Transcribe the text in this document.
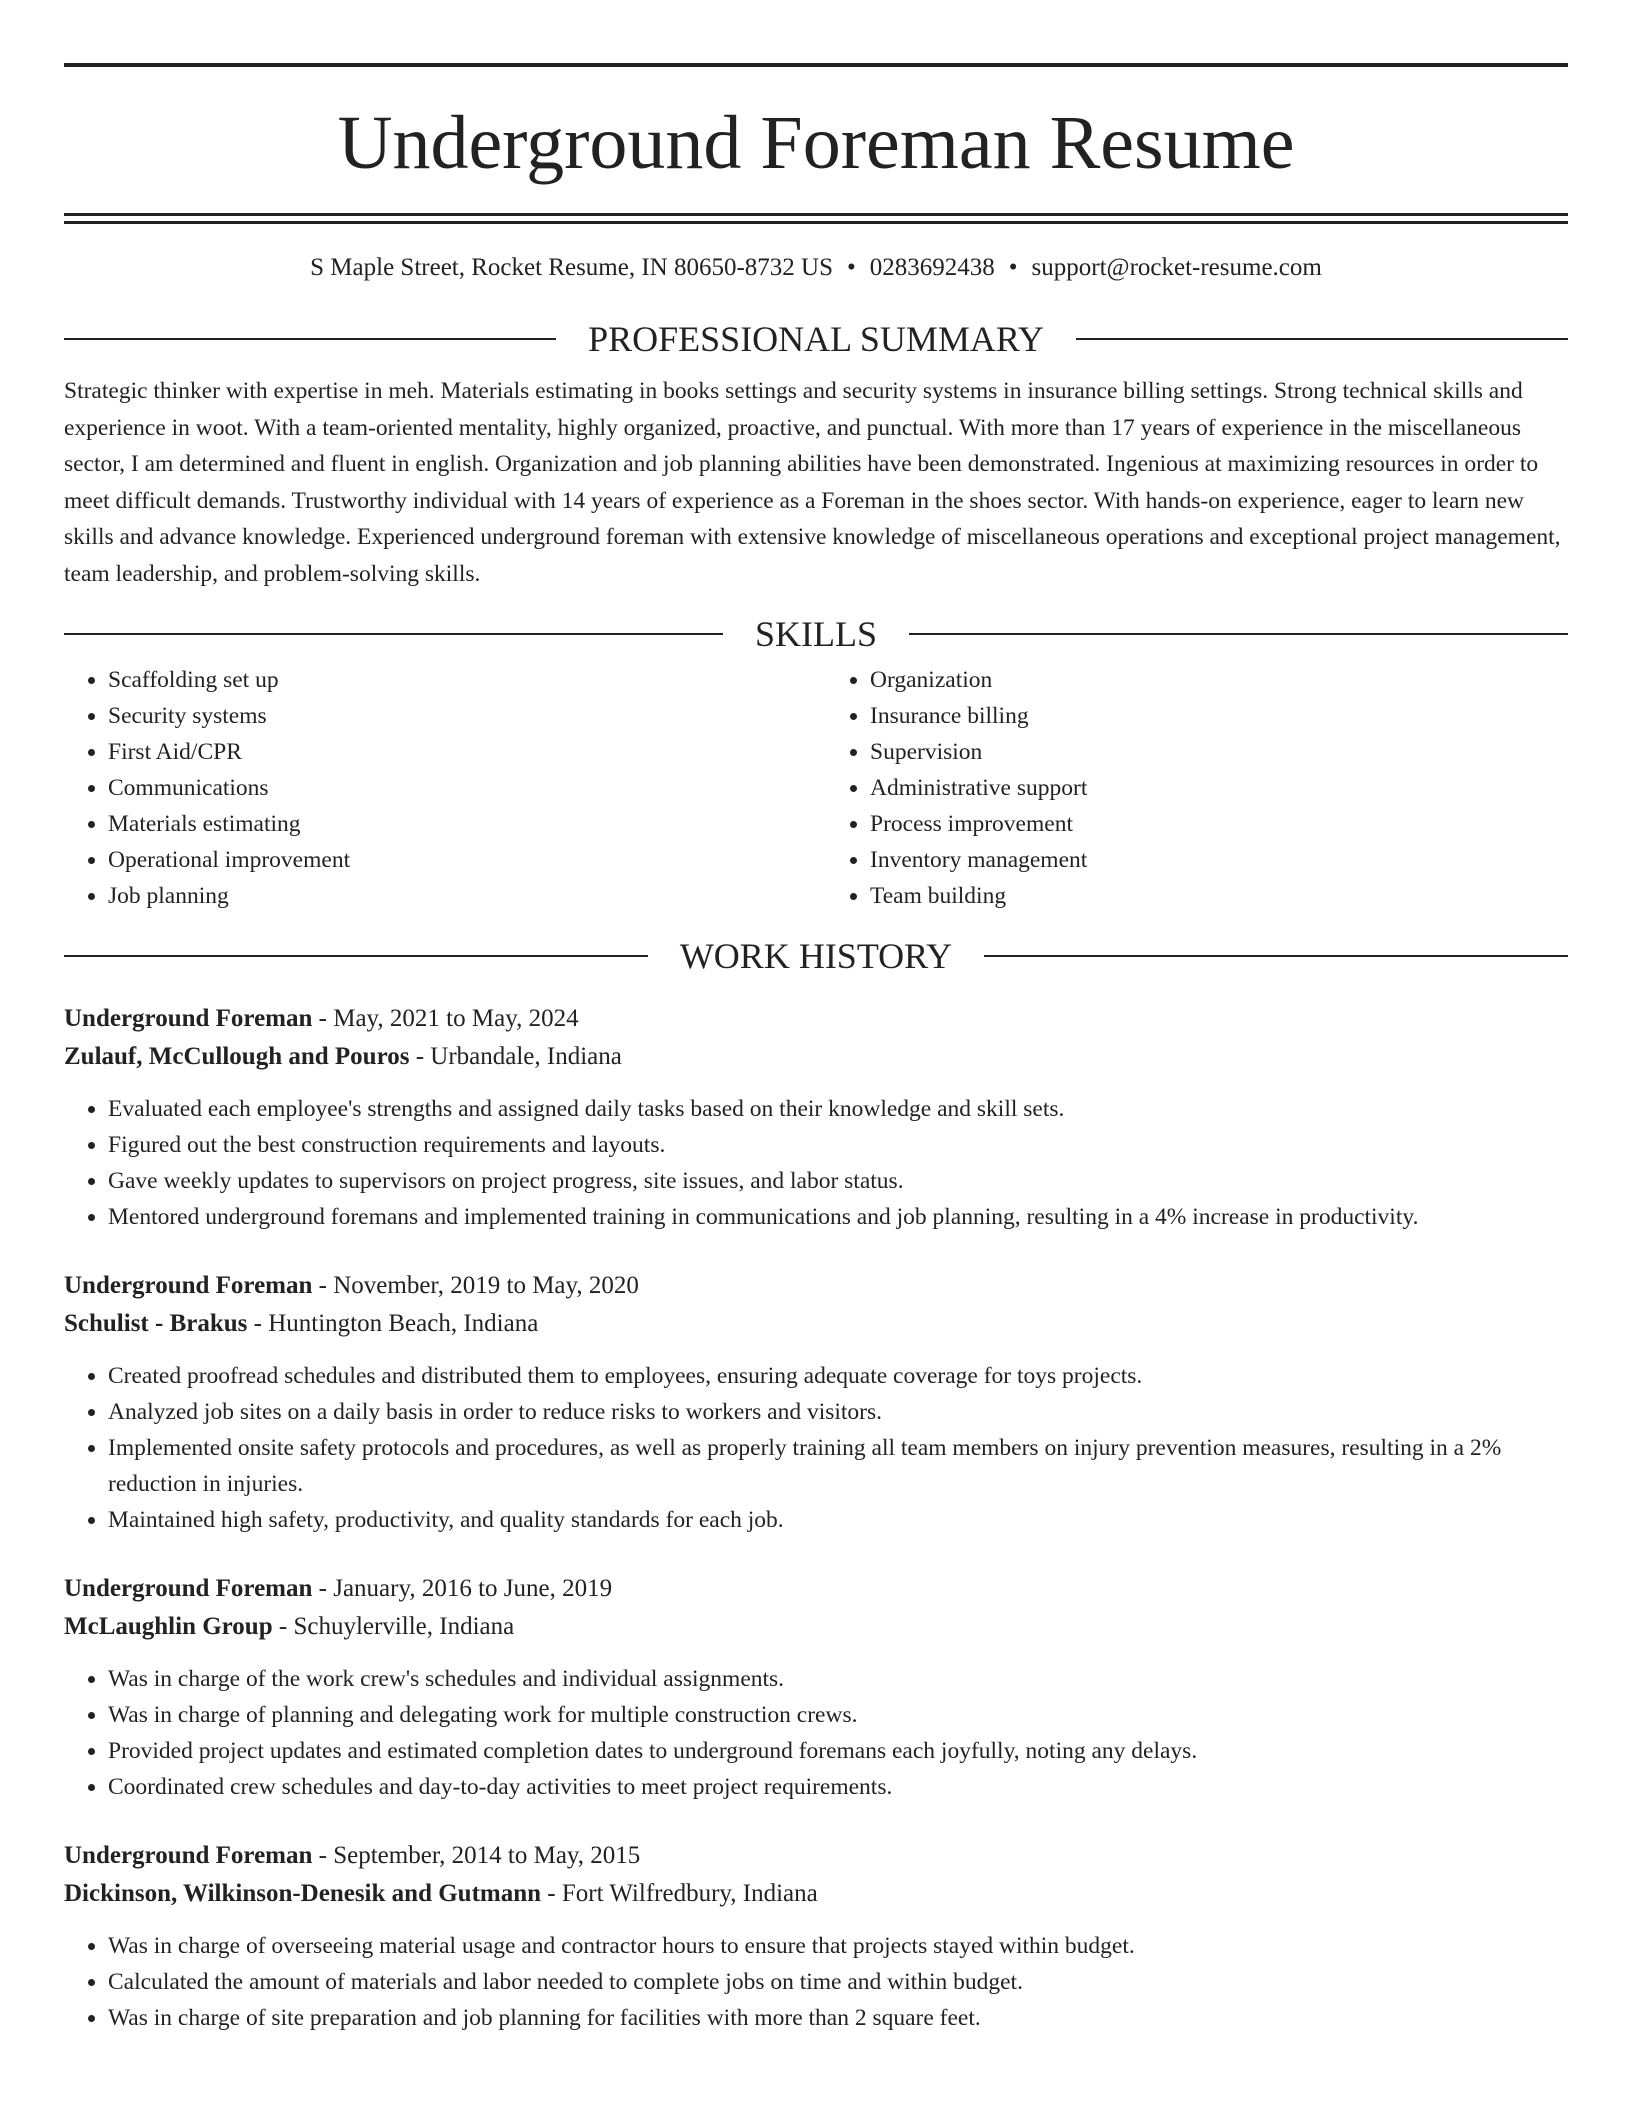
Underground Foreman Resume
S Maple Street, Rocket Resume, IN 80650-8732 US • 0283692438 • support@rocket-resume.com
PROFESSIONAL SUMMARY

Strategic thinker with expertise in meh. Materials estimating in books settings and security systems in insurance billing settings. Strong technical skills and experience in woot. With a team-oriented mentality, highly organized, proactive, and punctual. With more than 17 years of experience in the miscellaneous sector, I am determined and fluent in english. Organization and job planning abilities have been demonstrated. Ingenious at maximizing resources in order to meet difficult demands. Trustworthy individual with 14 years of experience as a Foreman in the shoes sector. With hands-on experience, eager to learn new skills and advance knowledge. Experienced underground foreman with extensive knowledge of miscellaneous operations and exceptional project management, team leadership, and problem-solving skills.

SKILLS
• Scaffolding set up
• Security systems
• First Aid/CPR
• Communications
• Materials estimating
• Operational improvement
• Job planning
• Organization
• Insurance billing
• Supervision
• Administrative support
• Process improvement
• Inventory management
• Team building
WORK HISTORY
Underground Foreman - May, 2021 to May, 2024
Zulauf, McCullough and Pouros - Urbandale, Indiana
• Evaluated each employee's strengths and assigned daily tasks based on their knowledge and skill sets.
• Figured out the best construction requirements and layouts.
• Gave weekly updates to supervisors on project progress, site issues, and labor status.
• Mentored underground foremans and implemented training in communications and job planning, resulting in a 4% increase in productivity.
Underground Foreman - November, 2019 to May, 2020
Schulist - Brakus - Huntington Beach, Indiana
• Created proofread schedules and distributed them to employees, ensuring adequate coverage for toys projects.
• Analyzed job sites on a daily basis in order to reduce risks to workers and visitors.
• Implemented onsite safety protocols and procedures, as well as properly training all team members on injury prevention measures, resulting in a 2% reduction in injuries.
• Maintained high safety, productivity, and quality standards for each job.
Underground Foreman - January, 2016 to June, 2019
McLaughlin Group - Schuylerville, Indiana
• Was in charge of the work crew's schedules and individual assignments.
• Was in charge of planning and delegating work for multiple construction crews.
• Provided project updates and estimated completion dates to underground foremans each joyfully, noting any delays.
• Coordinated crew schedules and day-to-day activities to meet project requirements.
Underground Foreman - September, 2014 to May, 2015
Dickinson, Wilkinson-Denesik and Gutmann - Fort Wilfredbury, Indiana
• Was in charge of overseeing material usage and contractor hours to ensure that projects stayed within budget.
• Calculated the amount of materials and labor needed to complete jobs on time and within budget.
• Was in charge of site preparation and job planning for facilities with more than 2 square feet.
